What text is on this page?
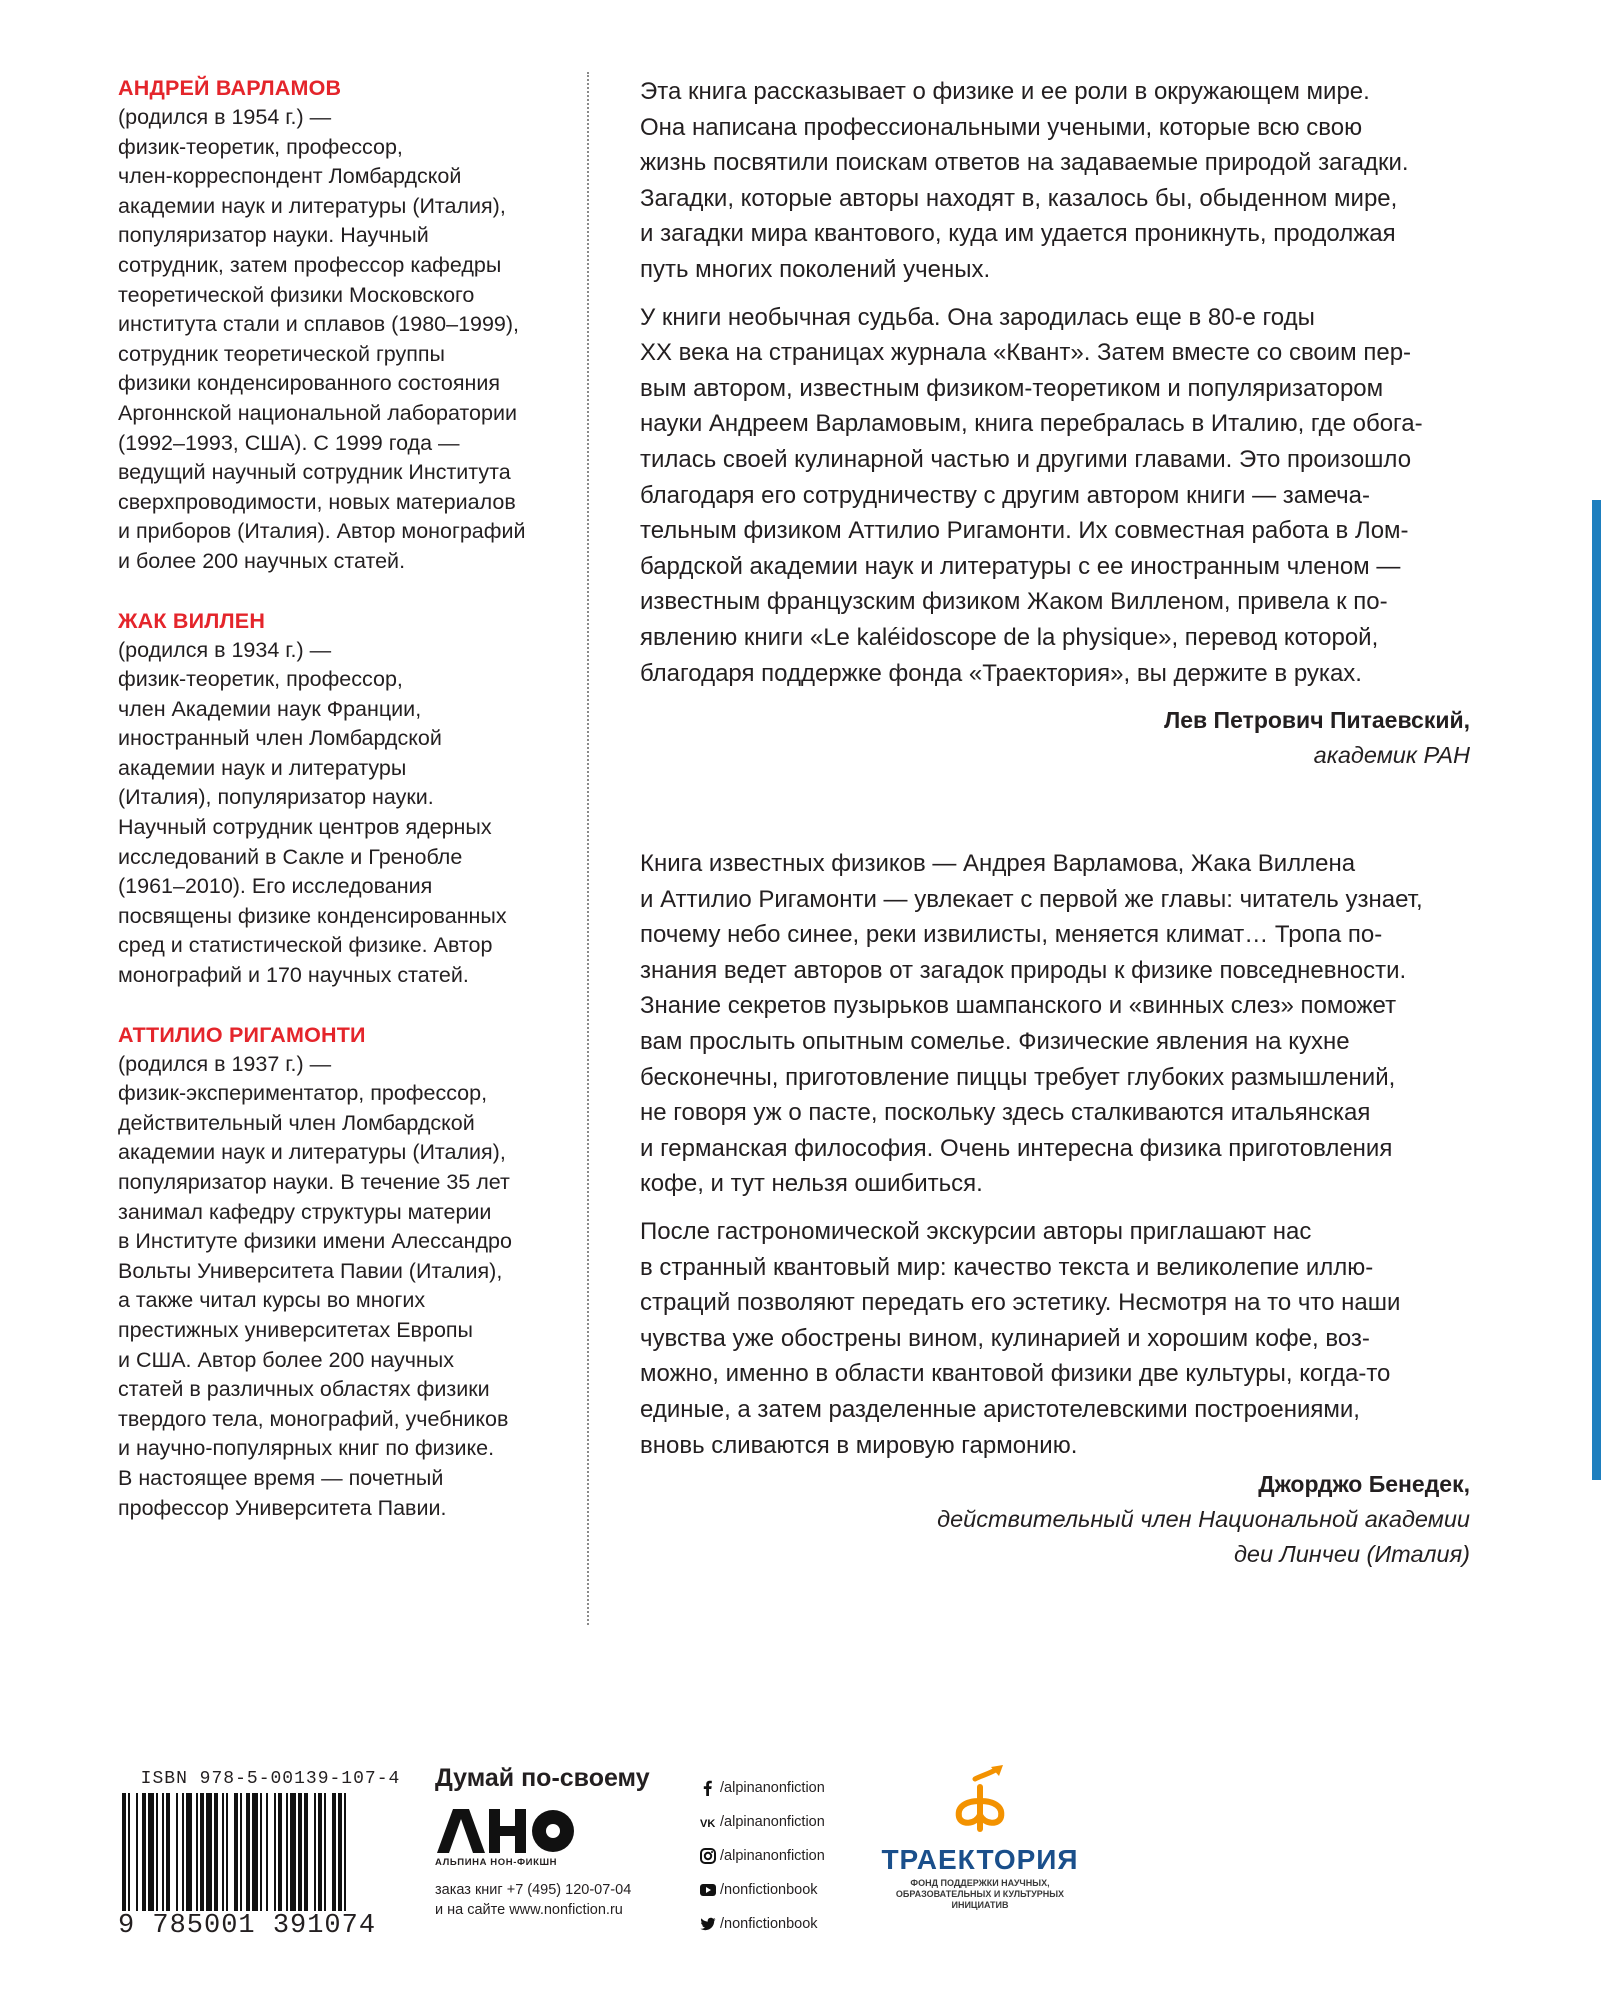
АНДРЕЙ ВАРЛАМОВ
(родился в 1954 г.) —
физик-теоретик, профессор,
член-корреспондент Ломбардской
академии наук и литературы (Италия),
популяризатор науки. Научный
сотрудник, затем профессор кафедры
теоретической физики Московского
института стали и сплавов (1980–1999),
сотрудник теоретической группы
физики конденсированного состояния
Аргоннской национальной лаборатории
(1992–1993, США). С 1999 года —
ведущий научный сотрудник Института
сверхпроводимости, новых материалов
и приборов (Италия). Автор монографий
и более 200 научных статей.
ЖАК ВИЛЛЕН
(родился в 1934 г.) —
физик-теоретик, профессор,
член Академии наук Франции,
иностранный член Ломбардской
академии наук и литературы
(Италия), популяризатор науки.
Научный сотрудник центров ядерных
исследований в Сакле и Гренобле
(1961–2010). Его исследования
посвящены физике конденсированных
сред и статистической физике. Автор
монографий и 170 научных статей.
АТТИЛИО РИГАМОНТИ
(родился в 1937 г.) —
физик-экспериментатор, профессор,
действительный член Ломбардской
академии наук и литературы (Италия),
популяризатор науки. В течение 35 лет
занимал кафедру структуры материи
в Институте физики имени Алессандро
Вольты Университета Павии (Италия),
а также читал курсы во многих
престижных университетах Европы
и США. Автор более 200 научных
статей в различных областях физики
твердого тела, монографий, учебников
и научно-популярных книг по физике.
В настоящее время — почетный
профессор Университета Павии.
Эта книга рассказывает о физике и ее роли в окружающем мире.
Она написана профессиональными учеными, которые всю свою
жизнь посвятили поискам ответов на задаваемые природой загадки.
Загадки, которые авторы находят в, казалось бы, обыденном мире,
и загадки мира квантового, куда им удается проникнуть, продолжая
путь многих поколений ученых.
У книги необычная судьба. Она зародилась еще в 80-е годы
XX века на страницах журнала «Квант». Затем вместе со своим пер-
вым автором, известным физиком-теоретиком и популяризатором
науки Андреем Варламовым, книга перебралась в Италию, где обога-
тилась своей кулинарной частью и другими главами. Это произошло
благодаря его сотрудничеству с другим автором книги — замеча-
тельным физиком Аттилио Ригамонти. Их совместная работа в Лом-
бардской академии наук и литературы с ее иностранным членом —
известным французским физиком Жаком Вилленом, привела к по-
явлению книги «Le kaléidoscope de la physique», перевод которой,
благодаря поддержке фонда «Траектория», вы держите в руках.
Лев Петрович Питаевский,
академик РАН
Книга известных физиков — Андрея Варламова, Жака Виллена
и Аттилио Ригамонти — увлекает с первой же главы: читатель узнает,
почему небо синее, реки извилисты, меняется климат… Тропа по-
знания ведет авторов от загадок природы к физике повседневности.
Знание секретов пузырьков шампанского и «винных слез» поможет
вам прослыть опытным сомелье. Физические явления на кухне
бесконечны, приготовление пиццы требует глубоких размышлений,
не говоря уж о пасте, поскольку здесь сталкиваются итальянская
и германская философия. Очень интересна физика приготовления
кофе, и тут нельзя ошибиться.
После гастрономической экскурсии авторы приглашают нас
в странный квантовый мир: качество текста и великолепие иллю-
страций позволяют передать его эстетику. Несмотря на то что наши
чувства уже обострены вином, кулинарией и хорошим кофе, воз-
можно, именно в области квантовой физики две культуры, когда-то
единые, а затем разделенные аристотелевскими построениями,
вновь сливаются в мировую гармонию.
Джорджо Бенедек,
действительный член Национальной академии
деи Линчеи (Италия)
ISBN 978-5-00139-107-4
9 785001 391074
Думай по-своему
АЛЬПИНА НОН-ФИКШН
заказ книг +7 (495) 120-07-04
и на сайте www.nonfiction.ru
/alpinanonfiction
VK /alpinanonfiction
/alpinanonfiction
/nonfictionbook
/nonfictionbook
ТРАЕКТОРИЯ
ФОНД ПОДДЕРЖКИ НАУЧНЫХ,
ОБРАЗОВАТЕЛЬНЫХ И КУЛЬТУРНЫХ
ИНИЦИАТИВ
